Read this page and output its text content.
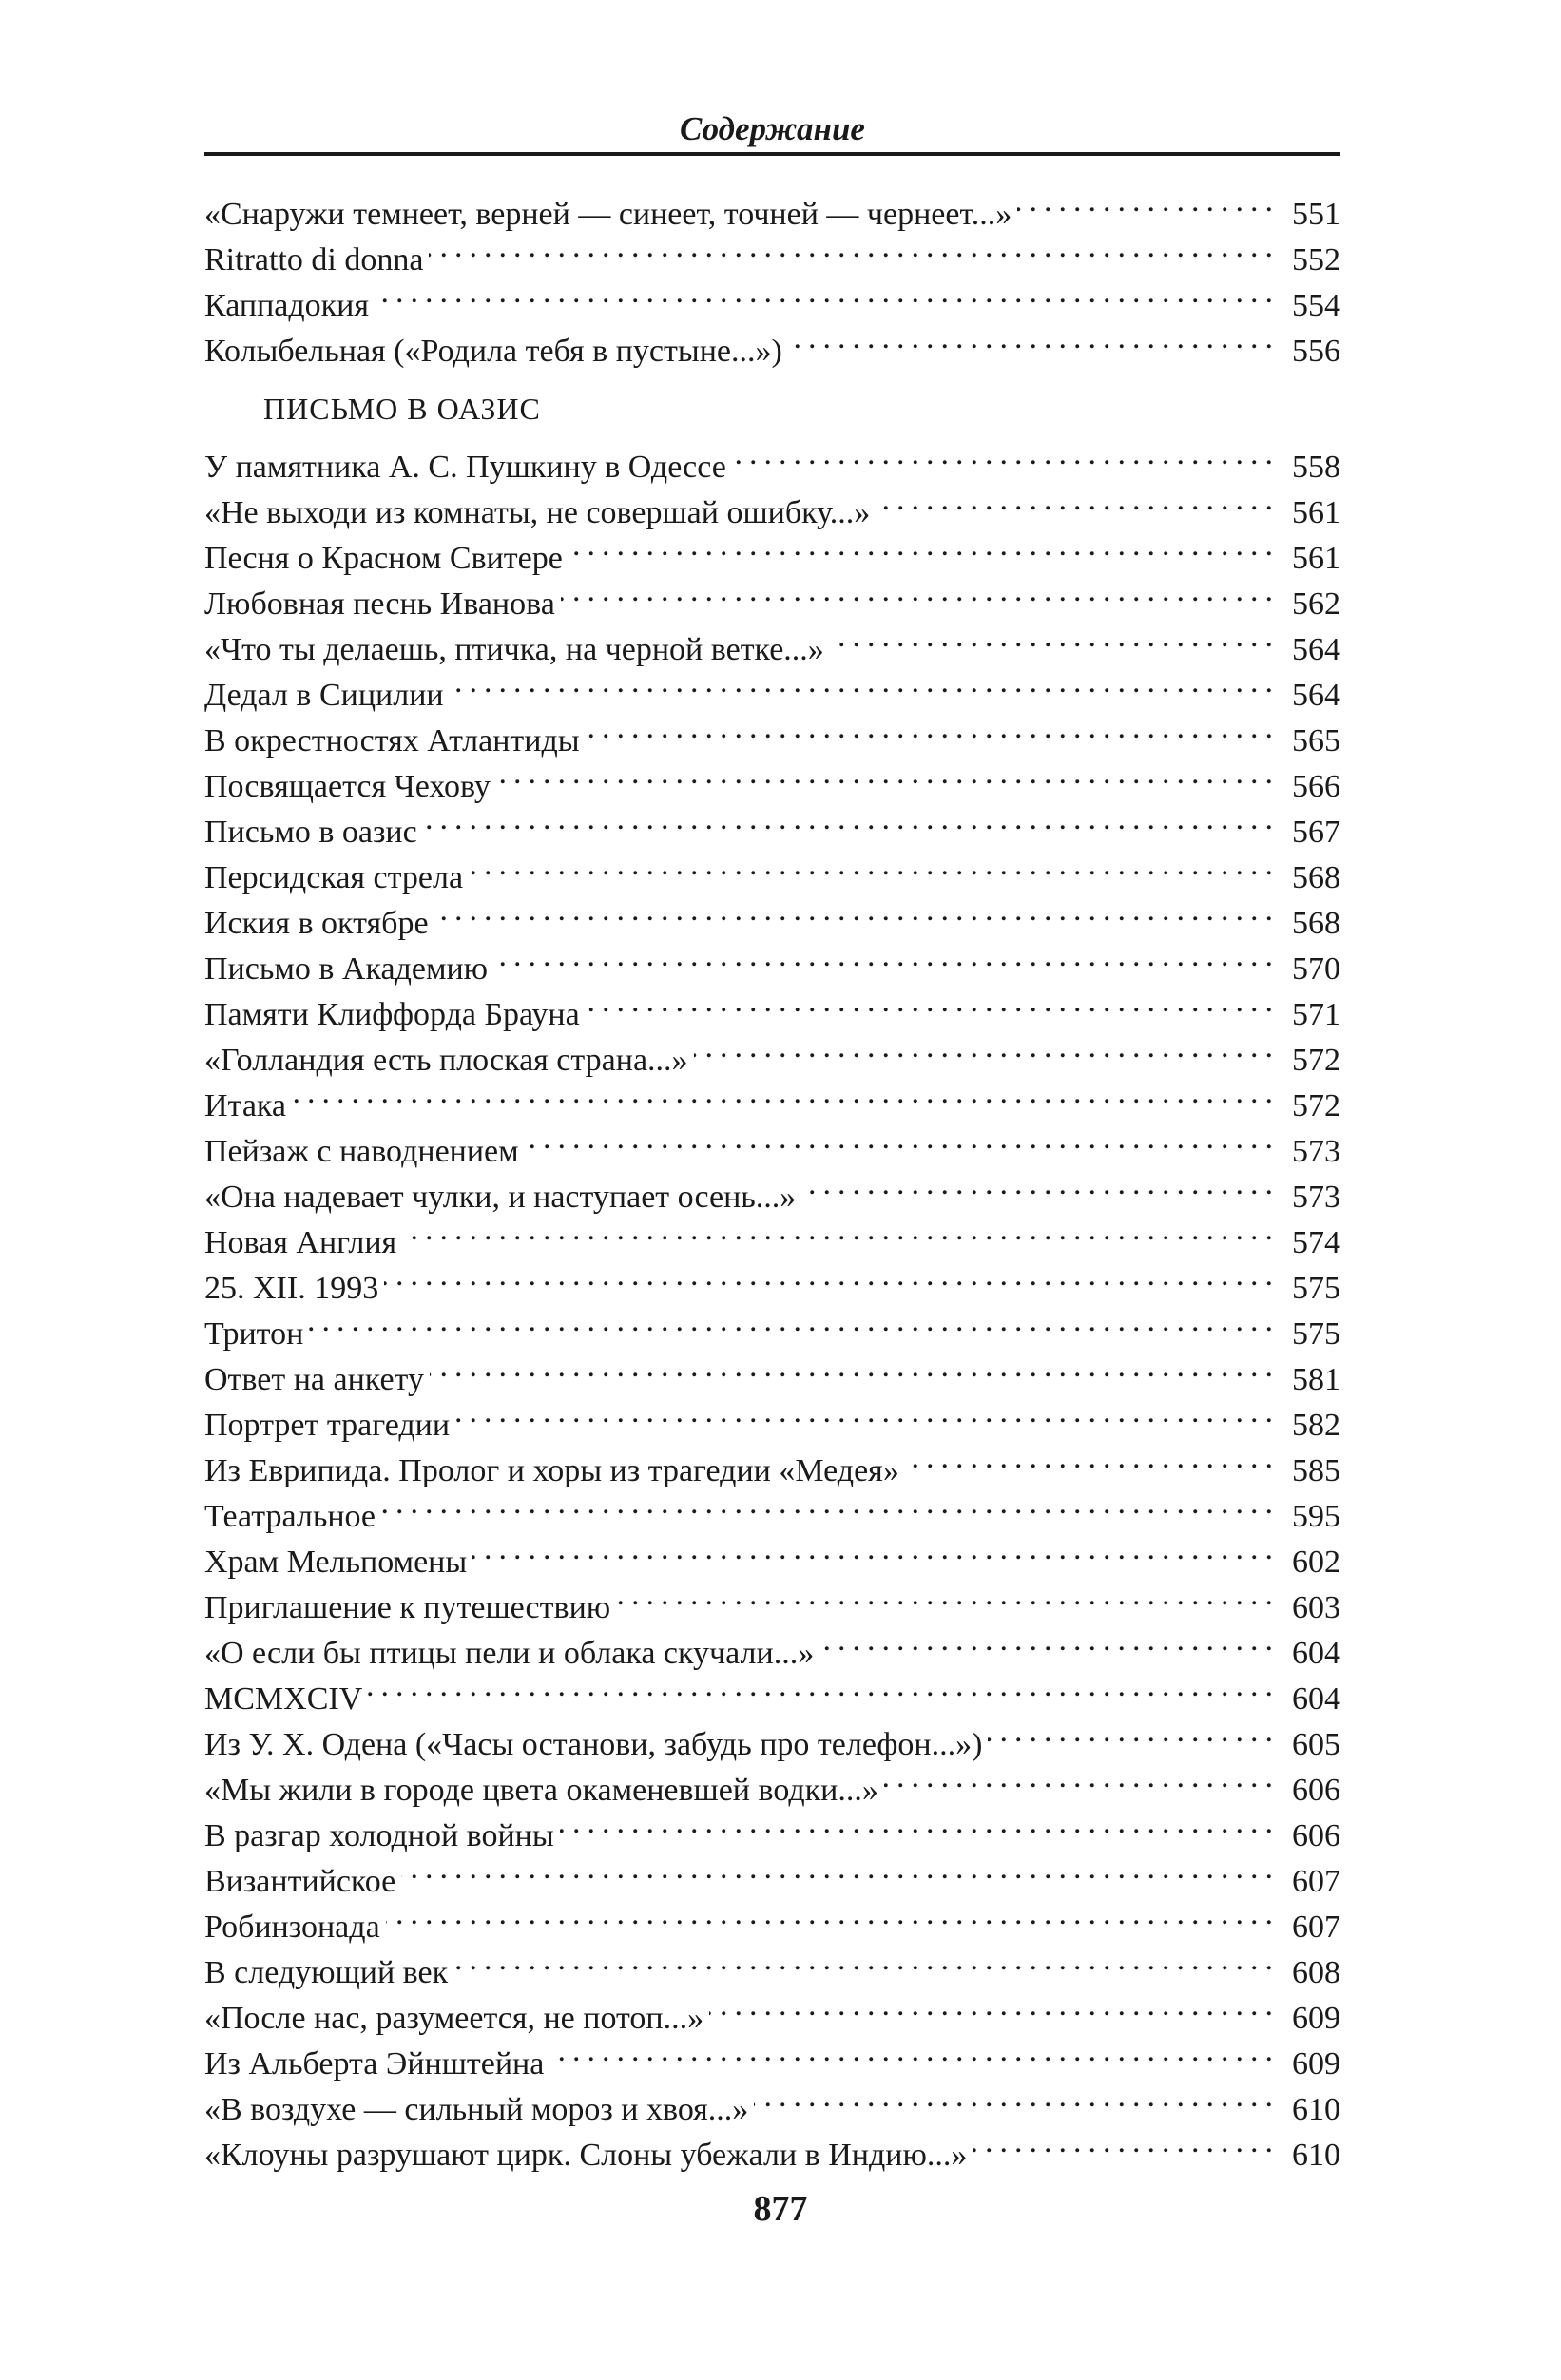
Содержание
«Снаружи темнеет, верней — синеет, точней — чернеет...» .....	551
Ritratto di donna .....	552
Каппадокия .....	554
Колыбельная («Родила тебя в пустыне...») .....	556
ПИСЬМО В ОАЗИС
У памятника А. С. Пушкину в Одессе .....	558
«Не выходи из комнаты, не совершай ошибку...» .....	561
Песня о Красном Свитере .....	561
Любовная песнь Иванова .....	562
«Что ты делаешь, птичка, на черной ветке...» .....	564
Дедал в Сицилии .....	564
В окрестностях Атлантиды .....	565
Посвящается Чехову .....	566
Письмо в оазис .....	567
Персидская стрела .....	568
Иския в октябре .....	568
Письмо в Академию .....	570
Памяти Клиффорда Брауна .....	571
«Голландия есть плоская страна...» .....	572
Итака .....	572
Пейзаж с наводнением .....	573
«Она надевает чулки, и наступает осень...» .....	573
Новая Англия .....	574
25. XII. 1993 .....	575
Тритон .....	575
Ответ на анкету .....	581
Портрет трагедии .....	582
Из Еврипида. Пролог и хоры из трагедии «Медея» .....	585
Театральное .....	595
Храм Мельпомены .....	602
Приглашение к путешествию .....	603
«О если бы птицы пели и облака скучали...» .....	604
MCMXCIV .....	604
Из У. Х. Одена («Часы останови, забудь про телефон...») .....	605
«Мы жили в городе цвета окаменевшей водки...» .....	606
В разгар холодной войны .....	606
Византийское .....	607
Робинзонада .....	607
В следующий век .....	608
«После нас, разумеется, не потоп...» .....	609
Из Альберта Эйнштейна .....	609
«В воздухе — сильный мороз и хвоя...» .....	610
«Клоуны разрушают цирк. Слоны убежали в Индию...» .....	610
877
